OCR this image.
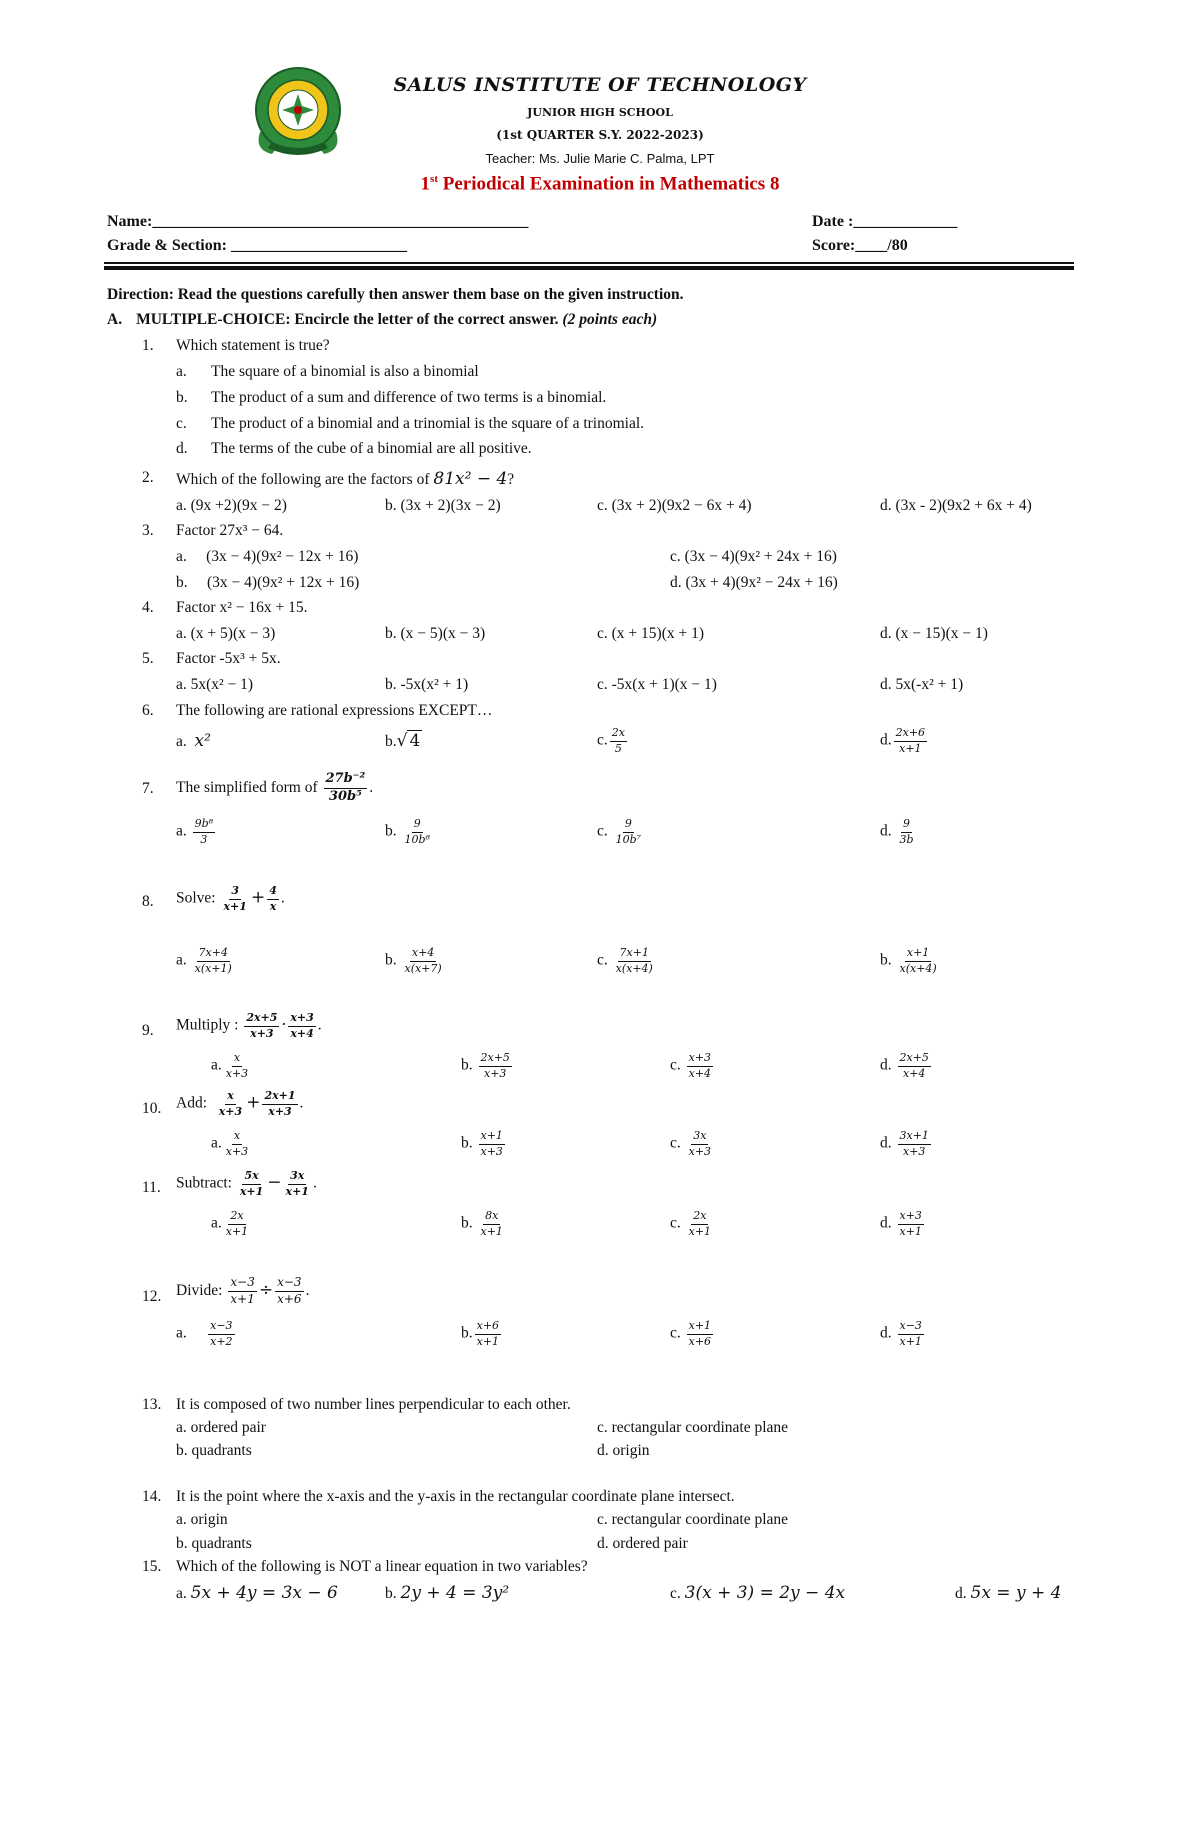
SALUS INSTITUTE OF TECHNOLOGY
JUNIOR HIGH SCHOOL
(1st QUARTER S.Y. 2022-2023)
Teacher: Ms. Julie Marie C. Palma, LPT
1st Periodical Examination in Mathematics 8
Name:_______________________________________________	Date :_____________
Grade & Section: ______________________	Score:____/80
Direction: Read the questions carefully then answer them base on the given instruction.
A. MULTIPLE-CHOICE: Encircle the letter of the correct answer. (2 points each)
1. Which statement is true?
a. The square of a binomial is also a binomial
b. The product of a sum and difference of two terms is a binomial.
c. The product of a binomial and a trinomial is the square of a trinomial.
d. The terms of the cube of a binomial are all positive.
2. Which of the following are the factors of 81x² − 4?
a. (9x +2)(9x − 2)	b. (3x + 2)(3x − 2)	c. (3x + 2)(9x2 − 6x + 4)	d. (3x - 2)(9x2 + 6x + 4)
3. Factor 27x³ − 64.
a.     (3x − 4)(9x² − 12x + 16)	c. (3x − 4)(9x² + 24x + 16)
b.     (3x − 4)(9x² + 12x + 16)	d. (3x + 4)(9x² − 24x + 16)
4. Factor x² − 16x + 15.
a. (x + 5)(x − 3)	b. (x − 5)(x − 3)	c. (x + 15)(x + 1)	d. (x − 15)(x − 1)
5. Factor -5x³ + 5x.
a. 5x(x² − 1)	b. -5x(x² + 1)	c. -5x(x + 1)(x − 1)	d. 5x(-x² + 1)
6. The following are rational expressions EXCEPT…
a. x²	b.√ 4	c. $\frac{2x}{5}$	d. $\frac{2x+6}{x+1}$
7. The simplified form of $\frac{\text{27b⁻²}}{\text{30b⁵}}$ .
a. $\frac{\text{9b⁸}}{3}$	b. $\frac{9}{\text{10b⁸}}$	c. $\frac{9}{\text{10b⁷}}$	d. $\frac{9}{3b}$
8. Solve: $\frac{3}{x+1} + \frac{4}{x}$ .
a. $\frac{7x+4}{x(x+1)}$	b. $\frac{x+4}{x(x+7)}$	c. $\frac{7x+1}{x(x+4)}$	b. $\frac{x+1}{x(x+4)}$
9. Multiply : $\frac{2x+5}{x+3} \cdot \frac{x+3}{x+4}$ .
a. $\frac{x}{x+3}$	b. $\frac{2x+5}{x+3}$	c. $\frac{x+3}{x+4}$	d. $\frac{2x+5}{x+4}$
10. Add: $\frac{x}{x+3} + \frac{2x+1}{x+3}$ .
a. $\frac{x}{x+3}$	b. $\frac{x+1}{x+3}$	c. $\frac{3x}{x+3}$	d. $\frac{3x+1}{x+3}$
11. Subtract: $\frac{5x}{x+1} - \frac{3x}{x+1}$ .
a. $\frac{2x}{x+1}$	b. $\frac{8x}{x+1}$	c. $\frac{2x}{x+1}$	d. $\frac{x+3}{x+1}$
12. Divide: $\frac{x-3}{x+1} \div \frac{x-3}{x+6}$ .
a. $\frac{x-3}{x+2}$	b. $\frac{x+6}{x+1}$	c. $\frac{x+1}{x+6}$	d. $\frac{x-3}{x+1}$
13. It is composed of two number lines perpendicular to each other.
a. ordered pair	c. rectangular coordinate plane
b. quadrants	d. origin
14. It is the point where the x-axis and the y-axis in the rectangular coordinate plane intersect.
a. origin	c. rectangular coordinate plane
b. quadrants	d. ordered pair
15. Which of the following is NOT a linear equation in two variables?
a. 5x + 4y = 3x − 6	b. 2y + 4 = 3y²	c. 3(x + 3) = 2y − 4x	d. 5x = y + 4
